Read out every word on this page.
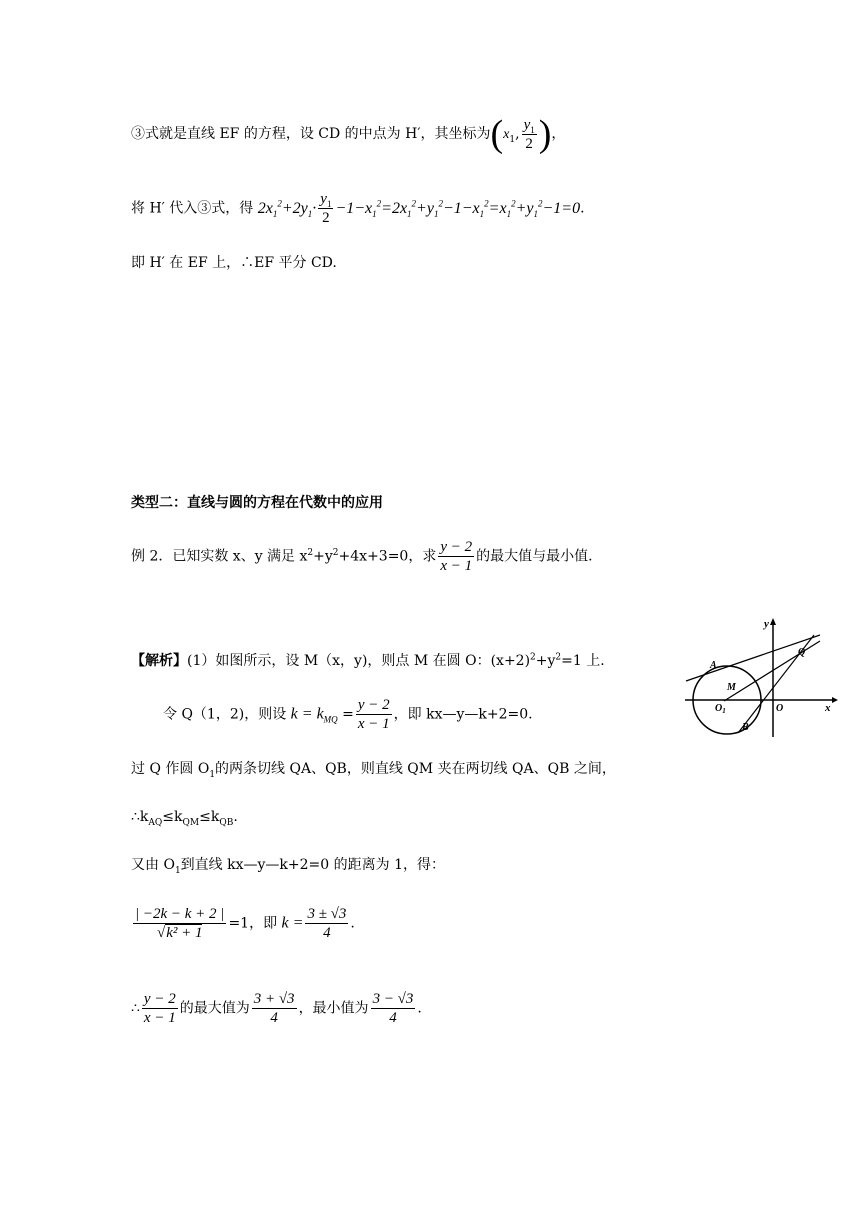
③式就是直线 EF 的方程，设 CD 的中点为 H′，其坐标为($x_1$, $\frac{y_1}{2}$ )，
将 H′ 代入③式，得 $2x_1^2+2y_1\cdot \frac{y_1}{2} -1-x_1^2=2x_1^2+y_1^2-1-x_1^2=x_1^2+y_1^2-1=0$.
即 H′ 在 EF 上，∴EF 平分 CD.
类型二：直线与圆的方程在代数中的应用
例 2．已知实数 x、y 满足 $x^2+y^2+4x+3=0$，求 $\frac{y - 2}{x - 1}$ 的最大值与最小值.
【解析】(1）如图所示，设 M（x，y)，则点 M 在圆 O：$(x+2)^2+y^2=1$ 上.
令 Q（1，2)，则设 $k = k_{MQ} = \frac{y - 2}{x - 1}$ ，即 kx—y—k+2=0.
过 Q 作圆 $O_1$的两条切线 QA、QB，则直线 QM 夹在两切线 QA、QB 之间，
$\therefore k_{AQ}\le k_{QM}\le k_{QB}$.
又由 $O_1$到直线 kx—y—k+2=0 的距离为 1，得：
$\frac{| -2k - k + 2 |}{\text{√k² + 1}} =1$，即 $k = \frac{3 \pm √3}{4}$ .
∴ $\frac{y - 2}{x - 1}$ 的最大值为 $\frac{3 + √3}{4}$ ，最小值为 $\frac{3 - √3}{4}$ .
y
x
A
Q
M
$O_1$	O
B
